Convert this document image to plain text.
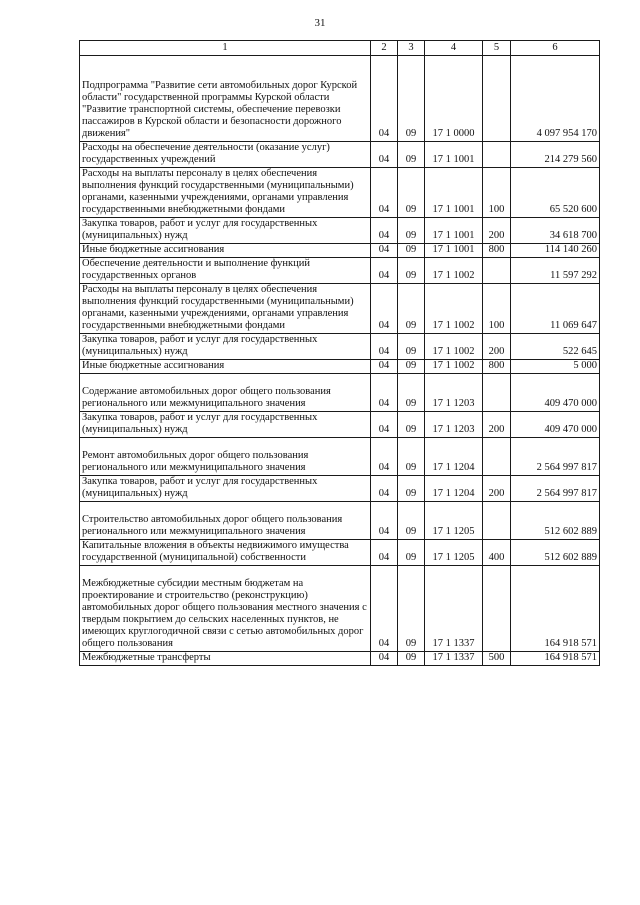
31
1	2	3	4	5	6

Подпрограмма "Развитие сети автомобильных дорог Курской области" государственной программы Курской области "Развитие транспортной системы, обеспечение перевозки пассажиров в Курской области и безопасности дорожного движения"	04	09	17 1 0000		4 097 954 170

Расходы на обеспечение деятельности (оказание услуг) государственных учреждений	04	09	17 1 1001		214 279 560

Расходы на выплаты персоналу в целях обеспечения выполнения функций государственными (муниципальными) органами, казенными учреждениями, органами управления государственными внебюджетными фондами	04	09	17 1 1001	100	65 520 600

Закупка товаров, работ и услуг для государственных (муниципальных) нужд	04	09	17 1 1001	200	34 618 700

Иные бюджетные ассигнования	04	09	17 1 1001	800	114 140 260

Обеспечение деятельности и выполнение функций государственных органов	04	09	17 1 1002		11 597 292

Расходы на выплаты персоналу в целях обеспечения выполнения функций государственными (муниципальными) органами, казенными учреждениями, органами управления государственными внебюджетными фондами	04	09	17 1 1002	100	11 069 647

Закупка товаров, работ и услуг для государственных (муниципальных) нужд	04	09	17 1 1002	200	522 645

Иные бюджетные ассигнования	04	09	17 1 1002	800	5 000

Содержание автомобильных дорог общего пользования регионального или межмуниципального значения	04	09	17 1 1203		409 470 000

Закупка товаров, работ и услуг для государственных (муниципальных) нужд	04	09	17 1 1203	200	409 470 000

Ремонт автомобильных дорог общего пользования регионального или межмуниципального значения	04	09	17 1 1204		2 564 997 817

Закупка товаров, работ и услуг для государственных (муниципальных) нужд	04	09	17 1 1204	200	2 564 997 817

Строительство автомобильных дорог общего пользования регионального или межмуниципального значения	04	09	17 1 1205		512 602 889

Капитальные вложения в объекты недвижимого имущества государственной (муниципальной) собственности	04	09	17 1 1205	400	512 602 889

Межбюджетные субсидии местным бюджетам на проектирование и строительство (реконструкцию) автомобильных дорог общего пользования местного значения с твердым покрытием до сельских населенных пунктов, не имеющих круглогодичной связи с сетью автомобильных дорог общего пользования	04	09	17 1 1337		164 918 571

Межбюджетные трансферты	04	09	17 1 1337	500	164 918 571
